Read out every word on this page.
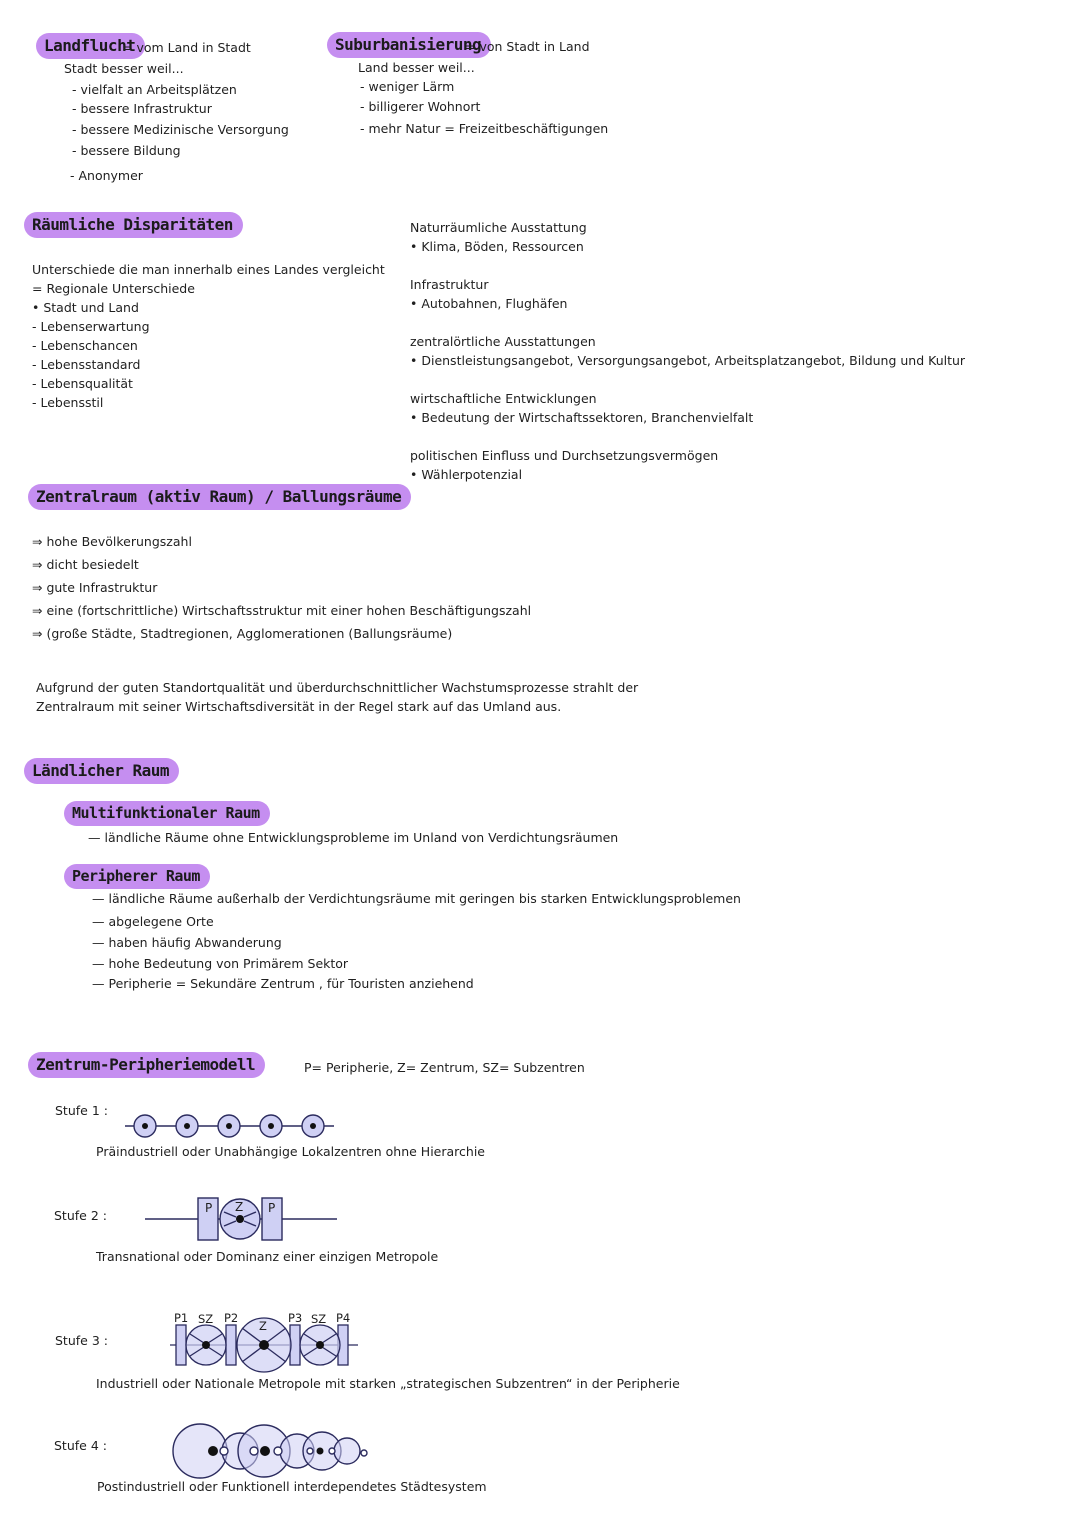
Landflucht
= vom Land in Stadt
Stadt besser weil...
- vielfalt an Arbeitsplätzen
- bessere Infrastruktur
- bessere Medizinische Versorgung
- bessere Bildung
- Anonymer
Suburbanisierung
= von Stadt in Land
Land besser weil...
- weniger Lärm
- billigerer Wohnort
- mehr Natur = Freizeitbeschäftigungen
Räumliche Disparitäten
Unterschiede die man innerhalb eines Landes vergleicht
= Regionale Unterschiede
• Stadt und Land
- Lebenserwartung
- Lebenschancen
- Lebensstandard
- Lebensqualität
- Lebensstil
Naturräumliche Ausstattung
• Klima, Böden, Ressourcen
Infrastruktur
• Autobahnen, Flughäfen
zentralörtliche Ausstattungen
• Dienstleistungsangebot, Versorgungsangebot, Arbeitsplatzangebot, Bildung und Kultur
wirtschaftliche Entwicklungen
• Bedeutung der Wirtschaftssektoren, Branchenvielfalt
politischen Einfluss und Durchsetzungsvermögen
• Wählerpotenzial
Zentralraum (aktiv Raum) / Ballungsräume
⇒ hohe Bevölkerungszahl
⇒ dicht besiedelt
⇒ gute Infrastruktur
⇒ eine (fortschrittliche) Wirtschaftsstruktur mit einer hohen Beschäftigungszahl
⇒ (große Städte, Stadtregionen, Agglomerationen (Ballungsräume)
Aufgrund der guten Standortqualität und überdurchschnittlicher Wachstumsprozesse strahlt der
Zentralraum mit seiner Wirtschaftsdiversität in der Regel stark auf das Umland aus.
Ländlicher Raum
Multifunktionaler Raum
— ländliche Räume ohne Entwicklungsprobleme im Unland von Verdichtungsräumen
Peripherer Raum
— ländliche Räume außerhalb der Verdichtungsräume mit geringen bis starken Entwicklungsproblemen
— abgelegene Orte
— haben häufig Abwanderung
— hohe Bedeutung von Primärem Sektor
— Peripherie = Sekundäre Zentrum , für Touristen anziehend
Zentrum-Peripheriemodell	P= Peripherie, Z= Zentrum, SZ= Subzentren
Stufe 1 :
P Z P
P1 SZ P2
Z
P3 SZ P4
Präindustriell oder Unabhängige Lokalzentren ohne Hierarchie
Stufe 2 :
Transnational oder Dominanz einer einzigen Metropole
Stufe 3 :
Industriell oder Nationale Metropole mit starken „strategischen Subzentren“ in der Peripherie
Stufe 4 :
Postindustriell oder Funktionell interdependetes Städtesystem
